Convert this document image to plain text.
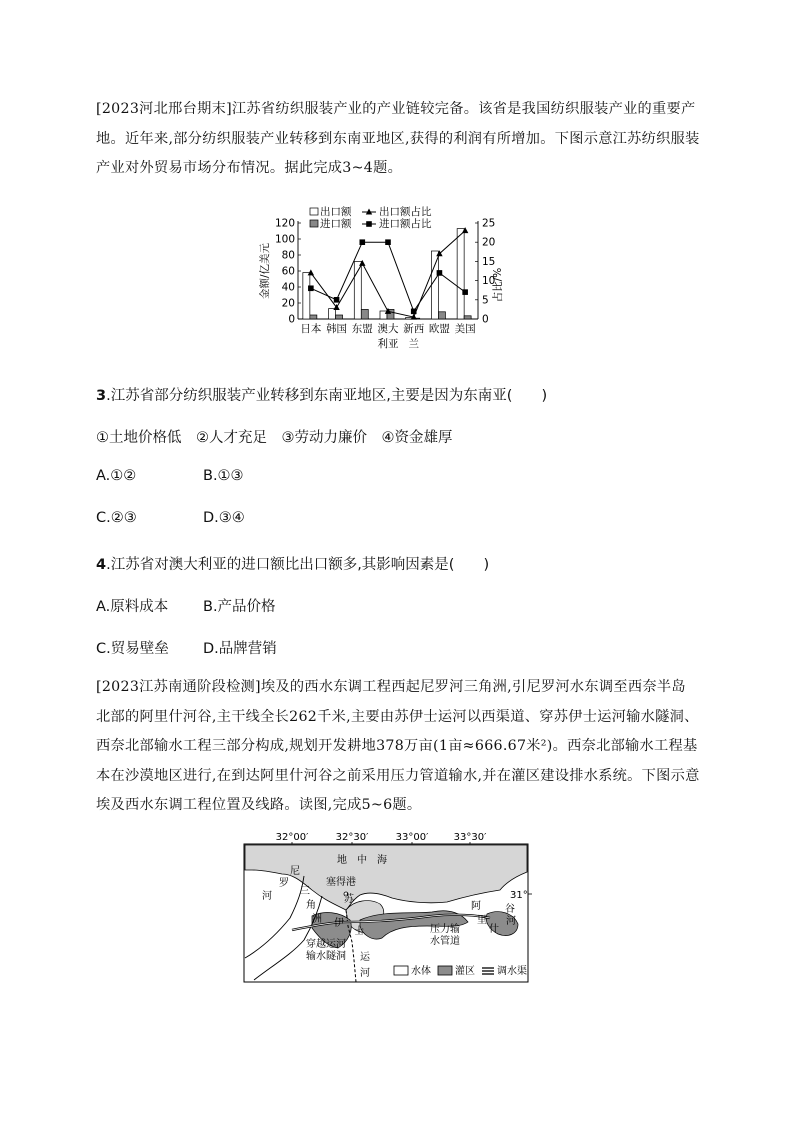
[2023河北邢台期末]江苏省纺织服装产业的产业链较完备。该省是我国纺织服装产业的重要产地。近年来,部分纺织服装产业转移到东南亚地区,获得的利润有所增加。下图示意江苏纺织服装产业对外贸易市场分布情况。据此完成3~4题。
0
20
40
60
80
100
120
0
5
10
15
20
25
金额/亿美元	占比/%
日本 韩国 东盟 澳大
利亚
新西
兰
欧盟 美国
出口额	出口额占比
进口额	进口额占比
3.江苏省部分纺织服装产业转移到东南亚地区,主要是因为东南亚(　　)
①土地价格低　②人才充足　③劳动力廉价　④资金雄厚
A.①②	B.①③
C.②③	D.③④
4.江苏省对澳大利亚的进口额比出口额多,其影响因素是(　　)
A.原料成本 B.产品价格
C.贸易壁垒 D.品牌营销
[2023江苏南通阶段检测]埃及的西水东调工程西起尼罗河三角洲,引尼罗河水东调至西奈半岛北部的阿里什河谷,主干线全长262千米,主要由苏伊士运河以西渠道、穿苏伊士运河输水隧洞、西奈北部输水工程三部分构成,规划开发耕地378万亩(1亩≈666.67米²)。西奈北部输水工程基本在沙漠地区进行,在到达阿里什河谷之前采用压力管道输水,并在灌区建设排水系统。下图示意埃及西水东调工程位置及线路。读图,完成5~6题。
32°00′	32°30′	33°00′	33°30′
地　中　海
塞得港
尼
罗
河	三
角
洲
苏
伊
士
运
河
压力输
水管道
阿
里
什
谷
河
31°
穿越运河
输水隧洞
水体 灌区 调水渠
